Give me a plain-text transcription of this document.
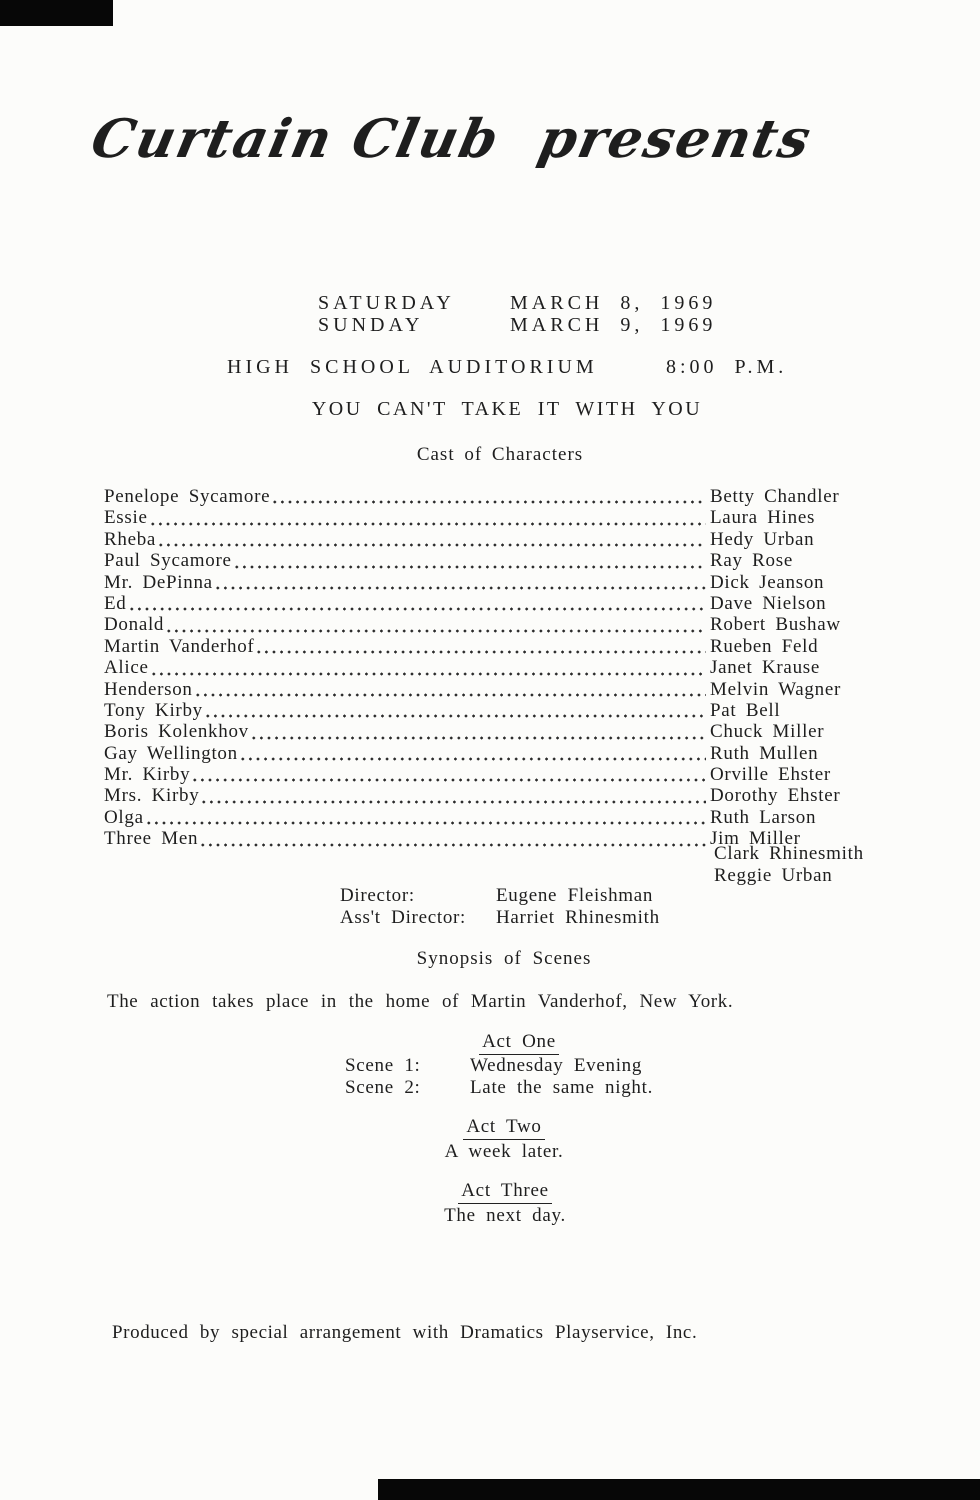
Curtain Club  presents
SATURDAY	MARCH 8, 1969
SUNDAY	MARCH 9, 1969
HIGH SCHOOL AUDITORIUM	8:00 P.M.
YOU CAN'T TAKE IT WITH YOU
Cast of Characters
Penelope Sycamore	Betty Chandler
Essie	Laura Hines
Rheba	Hedy Urban
Paul Sycamore	Ray Rose
Mr. DePinna	Dick Jeanson
Ed	Dave Nielson
Donald	Robert Bushaw
Martin Vanderhof	Rueben Feld
Alice	Janet Krause
Henderson	Melvin Wagner
Tony Kirby	Pat Bell
Boris Kolenkhov	Chuck Miller
Gay Wellington	Ruth Mullen
Mr. Kirby	Orville Ehster
Mrs. Kirby	Dorothy Ehster
Olga	Ruth Larson
Three Men	Jim Miller
Clark Rhinesmith
Reggie Urban
Director:	Eugene Fleishman
Ass't Director:	Harriet Rhinesmith
Synopsis of Scenes
The action takes place in the home of Martin Vanderhof, New York.
Act One
Scene 1:	Wednesday Evening
Scene 2:	Late the same night.
Act Two
A week later.
Act Three
The next day.
Produced by special arrangement with Dramatics Playservice, Inc.
